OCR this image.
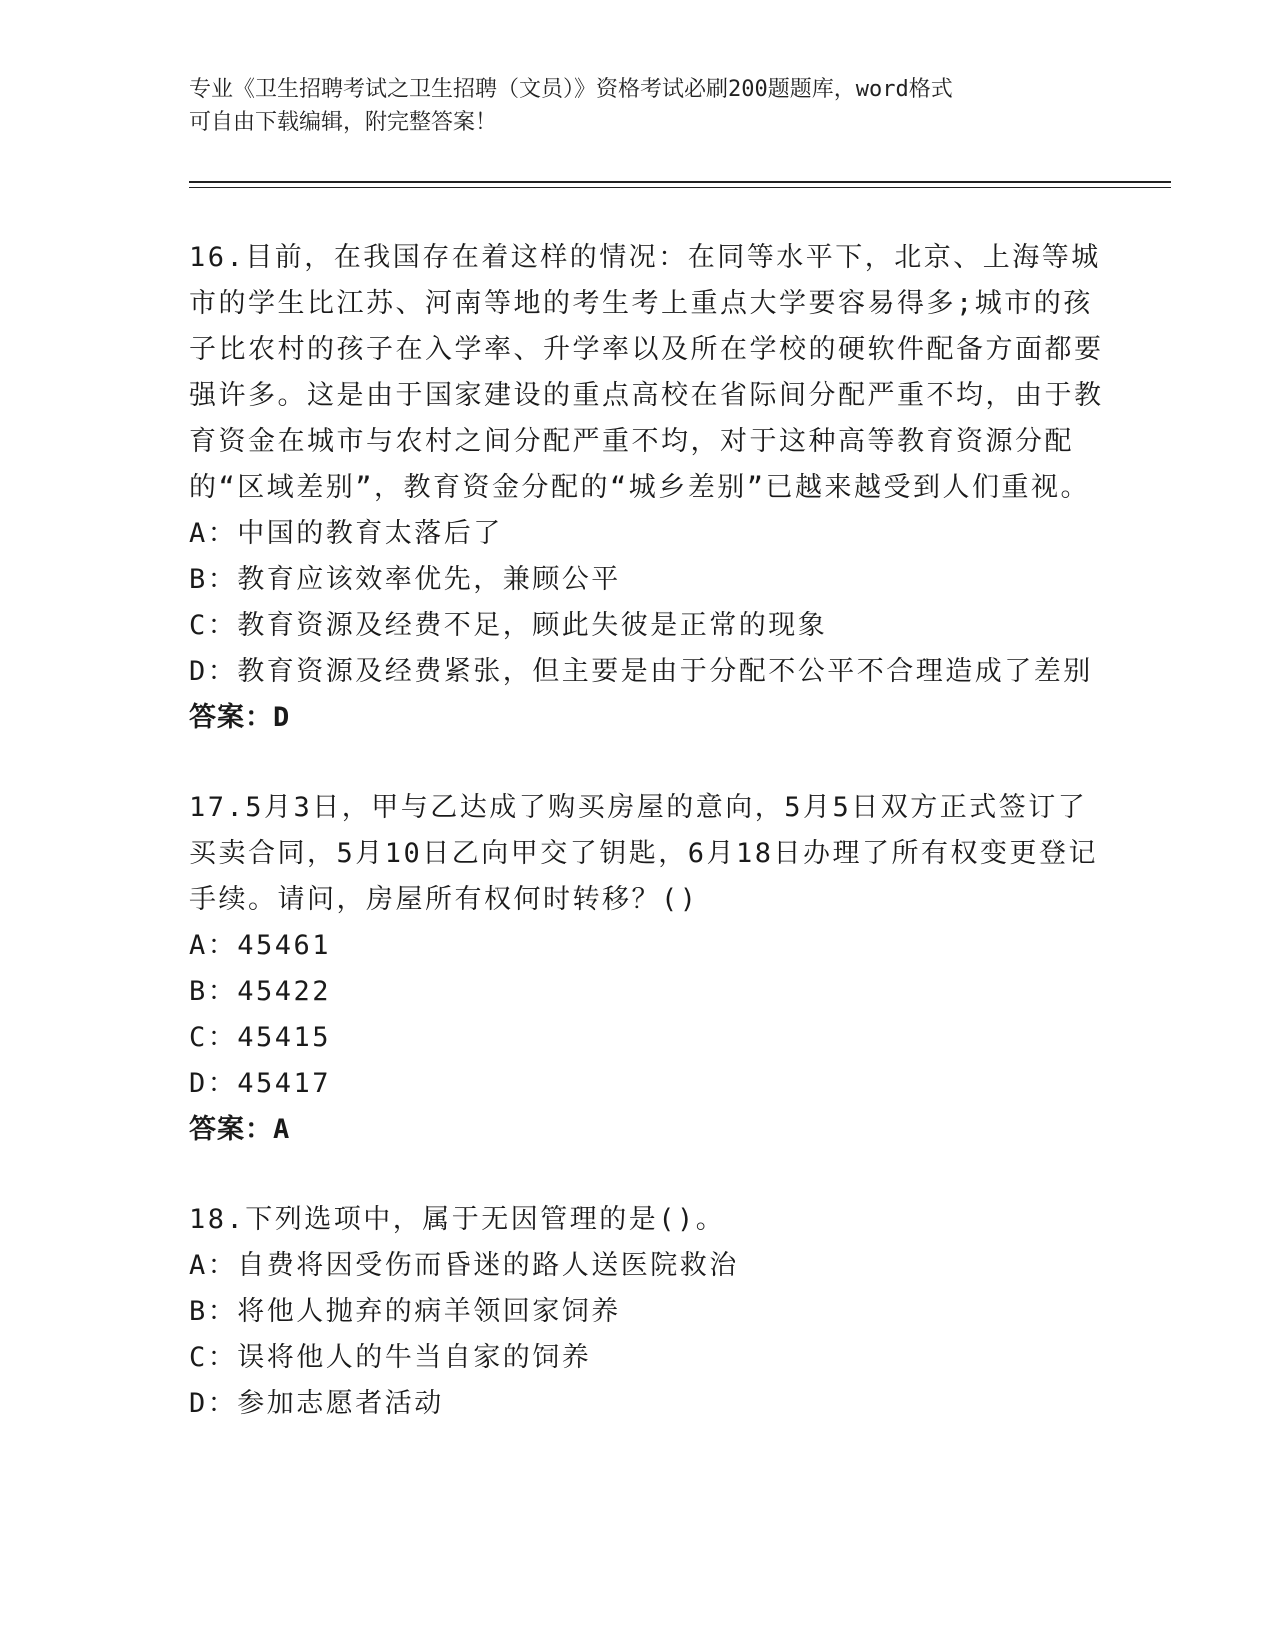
专业《卫生招聘考试之卫生招聘（文员）》资格考试必刷200题题库，word格式
可自由下载编辑，附完整答案！

16.目前，在我国存在着这样的情况：在同等水平下，北京、上海等城市的学生比江苏、河南等地的考生考上重点大学要容易得多;城市的孩子比农村的孩子在入学率、升学率以及所在学校的硬软件配备方面都要强许多。这是由于国家建设的重点高校在省际间分配严重不均，由于教育资金在城市与农村之间分配严重不均，对于这种高等教育资源分配的“区域差别”，教育资金分配的“城乡差别”已越来越受到人们重视。

A：中国的教育太落后了

B：教育应该效率优先，兼顾公平

C：教育资源及经费不足，顾此失彼是正常的现象

D：教育资源及经费紧张，但主要是由于分配不公平不合理造成了差别

答案：D

17.5月3日，甲与乙达成了购买房屋的意向，5月5日双方正式签订了买卖合同，5月10日乙向甲交了钥匙，6月18日办理了所有权变更登记手续。请问，房屋所有权何时转移？()

A：45461

B：45422

C：45415

D：45417

答案：A

18.下列选项中，属于无因管理的是()。

A：自费将因受伤而昏迷的路人送医院救治

B：将他人抛弃的病羊领回家饲养

C：误将他人的牛当自家的饲养

D：参加志愿者活动
